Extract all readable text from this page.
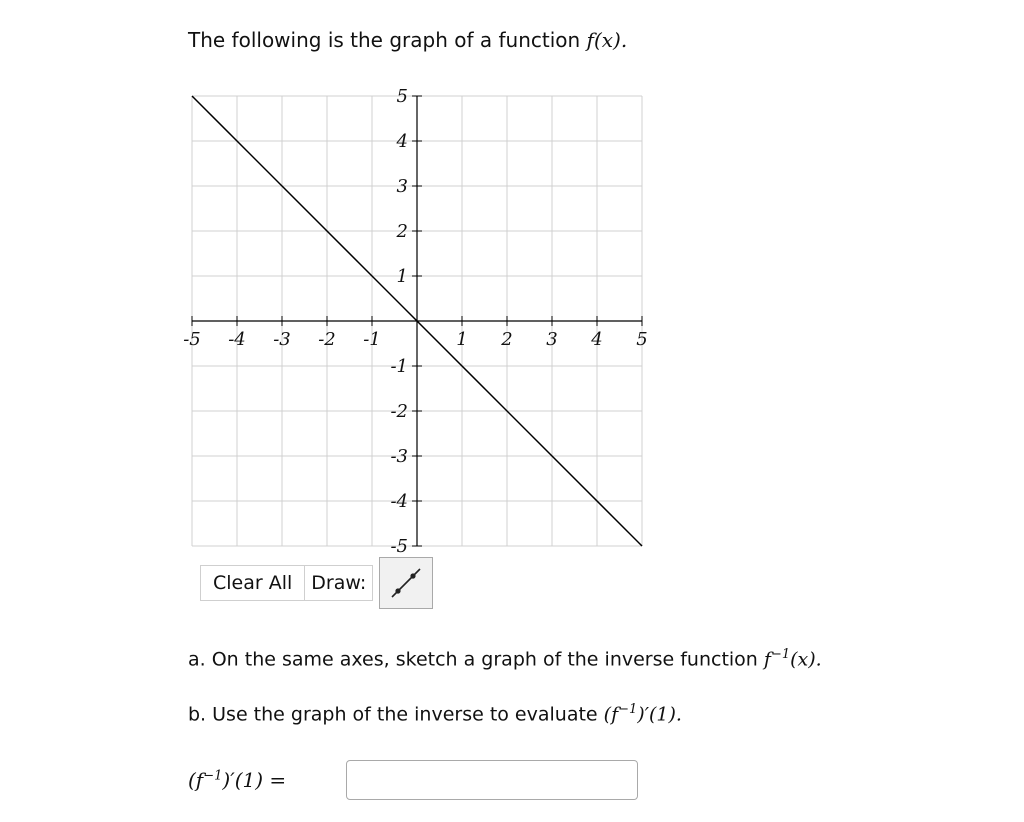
The following is the graph of a function f(x).
-5 -4 -3 -2 -1	1 2 3 4 5
5
4
3
2
1
-1
-2
-3
-4
-5
Clear All	Draw:
a. On the same axes, sketch a graph of the inverse function $f^{-1}(x)$.
b. Use the graph of the inverse to evaluate $(f^{-1})'(1)$.
$(f^{-1})'(1)$ =
